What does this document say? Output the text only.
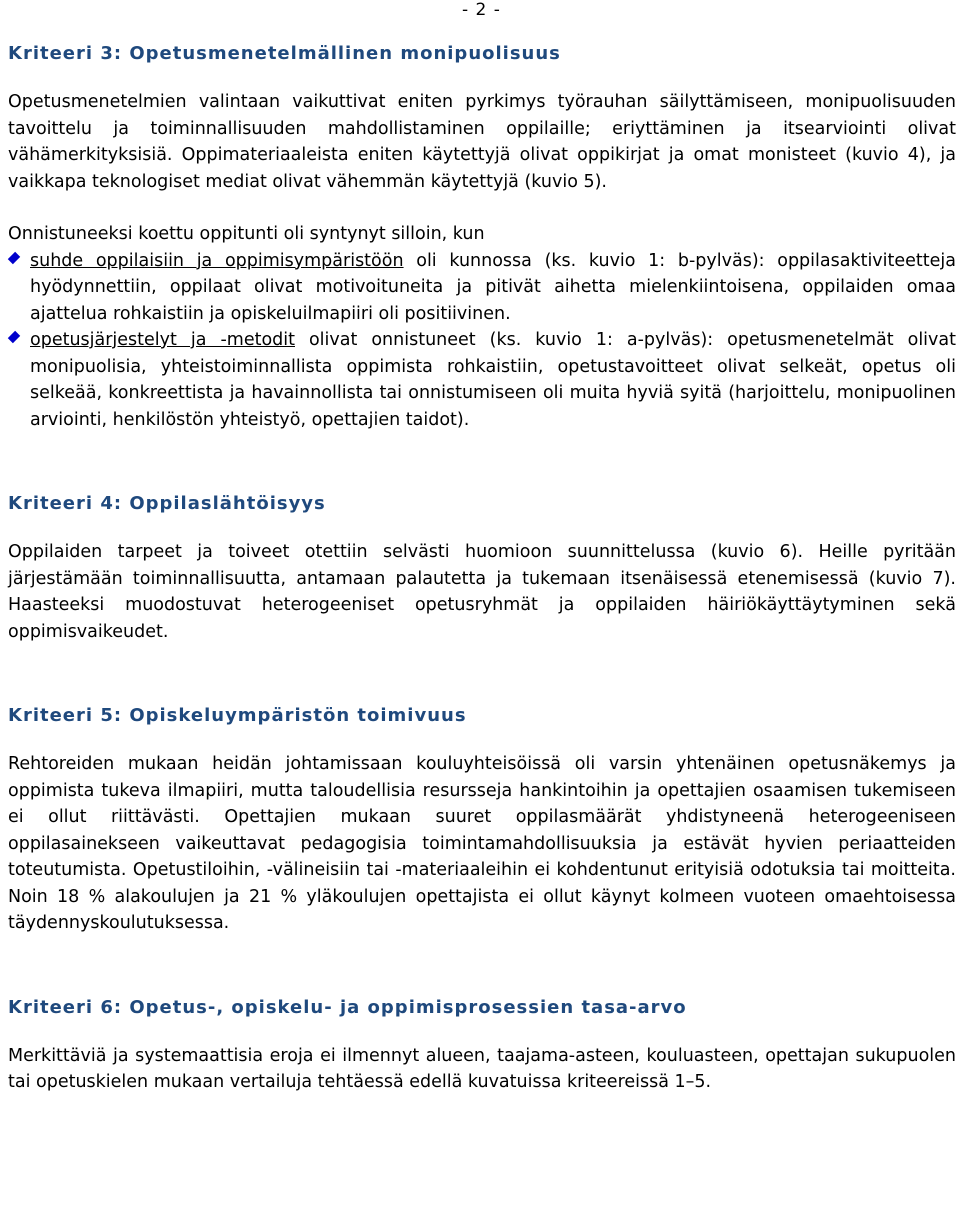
- 2 -
Kriteeri 3: Opetusmenetelmällinen monipuolisuus

Opetusmenetelmien valintaan vaikuttivat eniten pyrkimys työrauhan säilyttämiseen, monipuolisuuden tavoittelu ja toiminnallisuuden mahdollistaminen oppilaille; eriyttäminen ja itsearviointi olivat vähämerkityksisiä. Oppimateriaaleista eniten käytettyjä olivat oppikirjat ja omat monisteet (kuvio 4), ja vaikkapa teknologiset mediat olivat vähemmän käytettyjä (kuvio 5).

Onnistuneeksi koettu oppitunti oli syntynyt silloin, kun

suhde oppilaisiin ja oppimisympäristöön oli kunnossa (ks. kuvio 1: b-pylväs): oppilasaktiviteetteja hyödynnettiin, oppilaat olivat motivoituneita ja pitivät aihetta mielenkiintoisena, oppilaiden omaa ajattelua rohkaistiin ja opiskeluilmapiiri oli positiivinen.
opetusjärjestelyt ja -metodit olivat onnistuneet (ks. kuvio 1: a-pylväs): opetusmenetelmät olivat monipuolisia, yhteistoiminnallista oppimista rohkaistiin, opetustavoitteet olivat selkeät, opetus oli selkeää, konkreettista ja havainnollista tai onnistumiseen oli muita hyviä syitä (harjoittelu, monipuolinen arviointi, henkilöstön yhteistyö, opettajien taidot).
Kriteeri 4: Oppilaslähtöisyys

Oppilaiden tarpeet ja toiveet otettiin selvästi huomioon suunnittelussa (kuvio 6). Heille pyritään järjestämään toiminnallisuutta, antamaan palautetta ja tukemaan itsenäisessä etenemisessä (kuvio 7). Haasteeksi muodostuvat heterogeeniset opetusryhmät ja oppilaiden häiriökäyttäytyminen sekä oppimisvaikeudet.

Kriteeri 5: Opiskeluympäristön toimivuus

Rehtoreiden mukaan heidän johtamissaan kouluyhteisöissä oli varsin yhtenäinen opetusnäkemys ja oppimista tukeva ilmapiiri, mutta taloudellisia resursseja hankintoihin ja opettajien osaamisen tukemiseen ei ollut riittävästi. Opettajien mukaan suuret oppilasmäärät yhdistyneenä heterogeeniseen oppilasainekseen vaikeuttavat pedagogisia toimintamahdollisuuksia ja estävät hyvien periaatteiden toteutumista. Opetustiloihin, -välineisiin tai -materiaaleihin ei kohdentunut erityisiä odotuksia tai moitteita. Noin 18 % alakoulujen ja 21 % yläkoulujen opettajista ei ollut käynyt kolmeen vuoteen omaehtoisessa täydennyskoulutuksessa.

Kriteeri 6: Opetus-, opiskelu- ja oppimisprosessien tasa-arvo

Merkittäviä ja systemaattisia eroja ei ilmennyt alueen, taajama-asteen, kouluasteen, opettajan sukupuolen tai opetuskielen mukaan vertailuja tehtäessä edellä kuvatuissa kriteereissä 1–5.
